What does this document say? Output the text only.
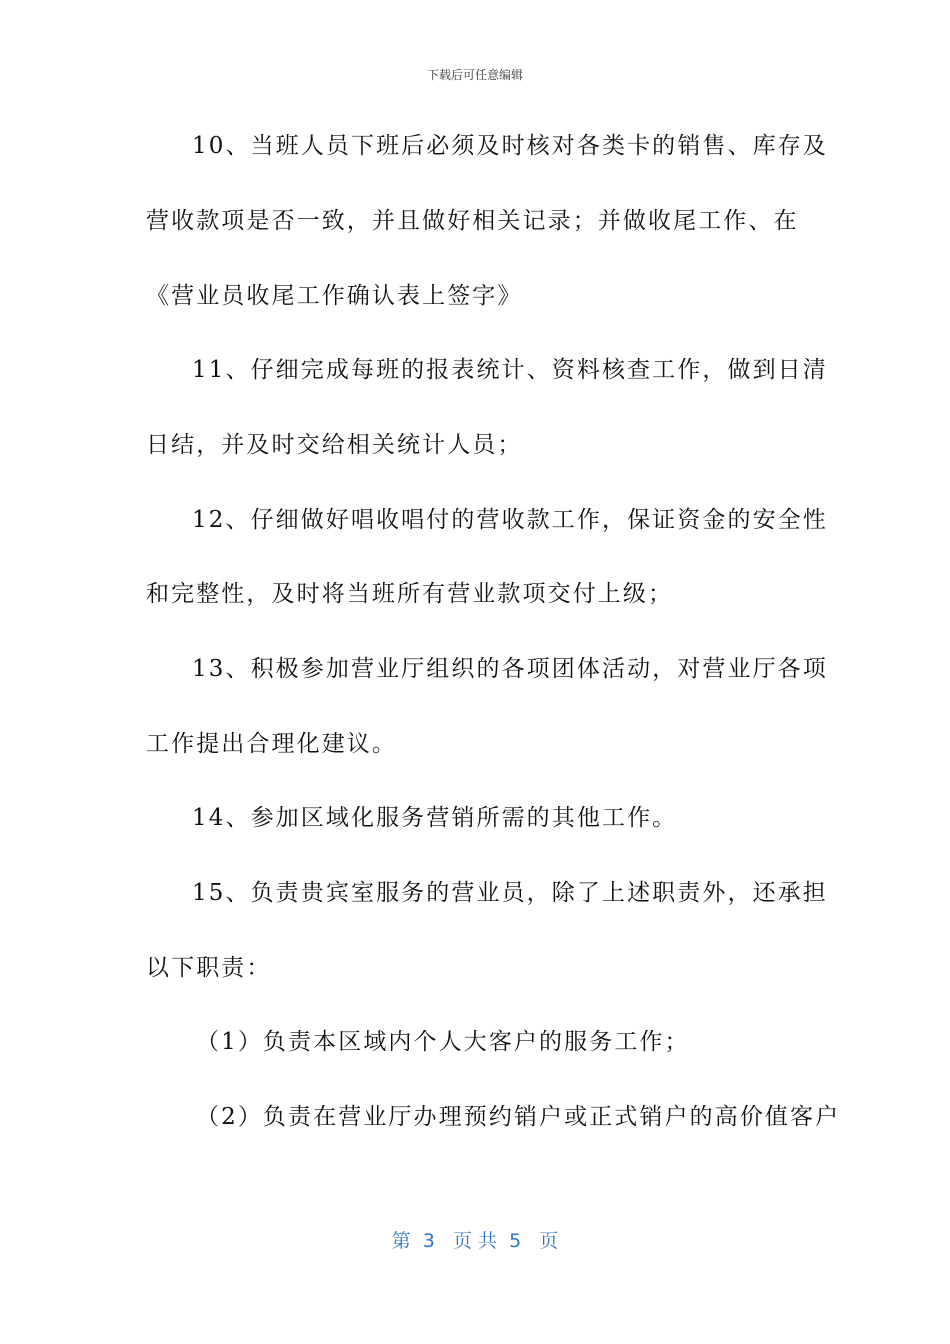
下载后可任意编辑
10、当班人员下班后必须及时核对各类卡的销售、库存及
营收款项是否一致，并且做好相关记录；并做收尾工作、在
《营业员收尾工作确认表上签字》
11、仔细完成每班的报表统计、资料核查工作，做到日清
日结，并及时交给相关统计人员；
12、仔细做好唱收唱付的营收款工作，保证资金的安全性
和完整性，及时将当班所有营业款项交付上级；
13、积极参加营业厅组织的各项团体活动，对营业厅各项
工作提出合理化建议。
14、参加区域化服务营销所需的其他工作。
15、负责贵宾室服务的营业员，除了上述职责外，还承担
以下职责：
（1）负责本区域内个人大客户的服务工作；
（2）负责在营业厅办理预约销户或正式销户的高价值客户
第  3   页 共  5   页
